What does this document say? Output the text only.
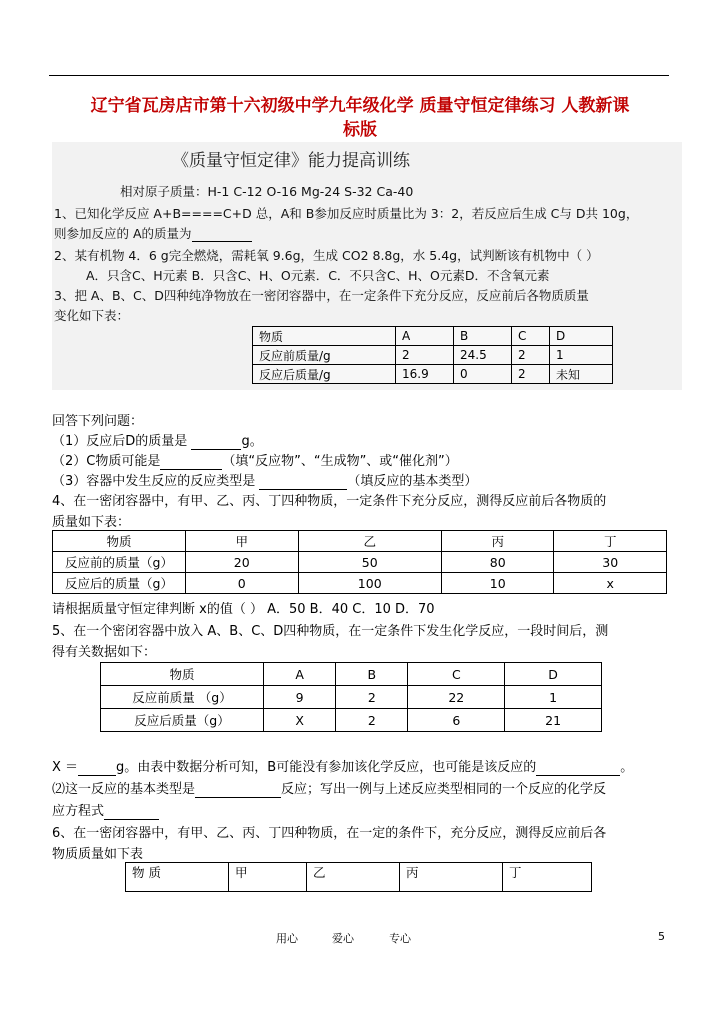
辽宁省瓦房店市第十六初级中学九年级化学 质量守恒定律练习 人教新课
标版
《质量守恒定律》能力提高训练
相对原子质量：H-1 C-12 O-16 Mg-24 S-32 Ca-40
1、已知化学反应 A+B====C+D 总，A和 B参加反应时质量比为 3：2，若反应后生成 C与 D共 10g，
则参加反应的 A的质量为
2、某有机物 4．6 g完全燃烧，需耗氧 9.6g，生成 CO2 8.8g，水 5.4g，试判断该有机物中（ ）
A．只含C、H元素 B．只含C、H、O元素．C．不只含C、H、O元素D．不含氧元素
3、把 A、B、C、D四种纯净物放在一密闭容器中，在一定条件下充分反应，反应前后各物质质量
变化如下表：
物质	A	B	C	D
反应前质量/g	2	24.5	2	1
反应后质量/g	16.9	0	2	未知
回答下列问题：
（1）反应后D的质量是	g。
（2）C物质可能是	（填“反应物”、“生成物”、或“催化剂”）
（3）容器中发生反应的反应类型是	（填反应的基本类型）
4、在一密闭容器中，有甲、乙、丙、丁四种物质，一定条件下充分反应，测得反应前后各物质的
质量如下表：
物质	甲	乙	丙	丁
反应前的质量（g）	20	50	80	30
反应后的质量（g）	0	100	10	x
请根据质量守恒定律判断 x的值（ ） A．50 B．40 C．10 D．70
5、在一个密闭容器中放入 A、B、C、D四种物质，在一定条件下发生化学反应，一段时间后，测
得有关数据如下：
物质	A	B	C	D
反应前质量 （g）	9	2	22	1
反应后质量（g）	X	2	6	21
X ＝	g。由表中数据分析可知，B可能没有参加该化学反应，也可能是该反应的	。
⑵这一反应的基本类型是	反应；写出一例与上述反应类型相同的一个反应的化学反
应方程式
6、在一密闭容器中，有甲、乙、丙、丁四种物质，在一定的条件下，充分反应，测得反应前后各
物质质量如下表
物 质	甲	乙	丙	丁
用心	爱心	专心	5
